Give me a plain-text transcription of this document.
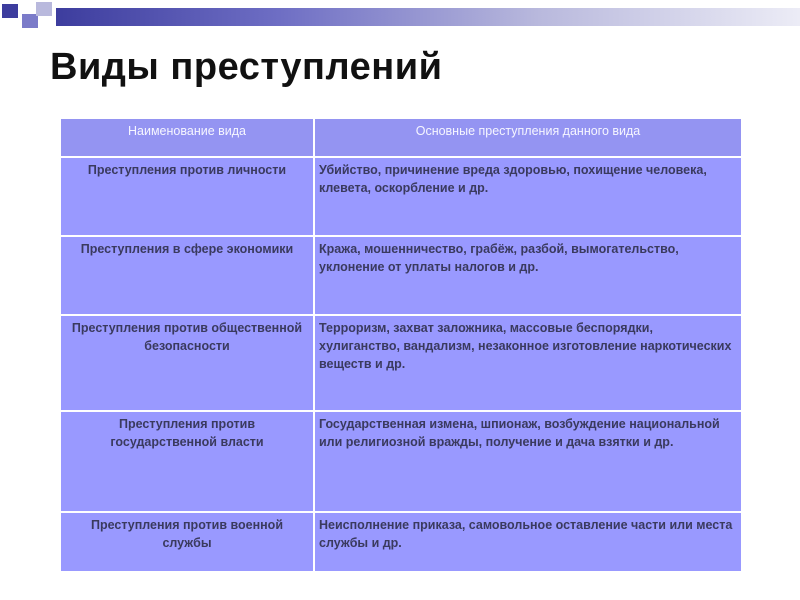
Виды преступлений
Наименование вида	Основные преступления данного вида
Преступления против личности	Убийство, причинение вреда здоровью, похищение человека, клевета, оскорбление и др.
Преступления в сфере экономики	Кража, мошенничество, грабёж, разбой, вымогательство, уклонение от уплаты налогов и др.
Преступления против общественной безопасности	Терроризм, захват заложника, массовые беспорядки, хулиганство, вандализм, незаконное изготовление наркотических веществ и др.
Преступления против государственной власти	Государственная измена, шпионаж, возбуждение национальной или религиозной вражды, получение и дача взятки и др.
Преступления против военной службы	Неисполнение приказа, самовольное оставление части или места службы и др.
